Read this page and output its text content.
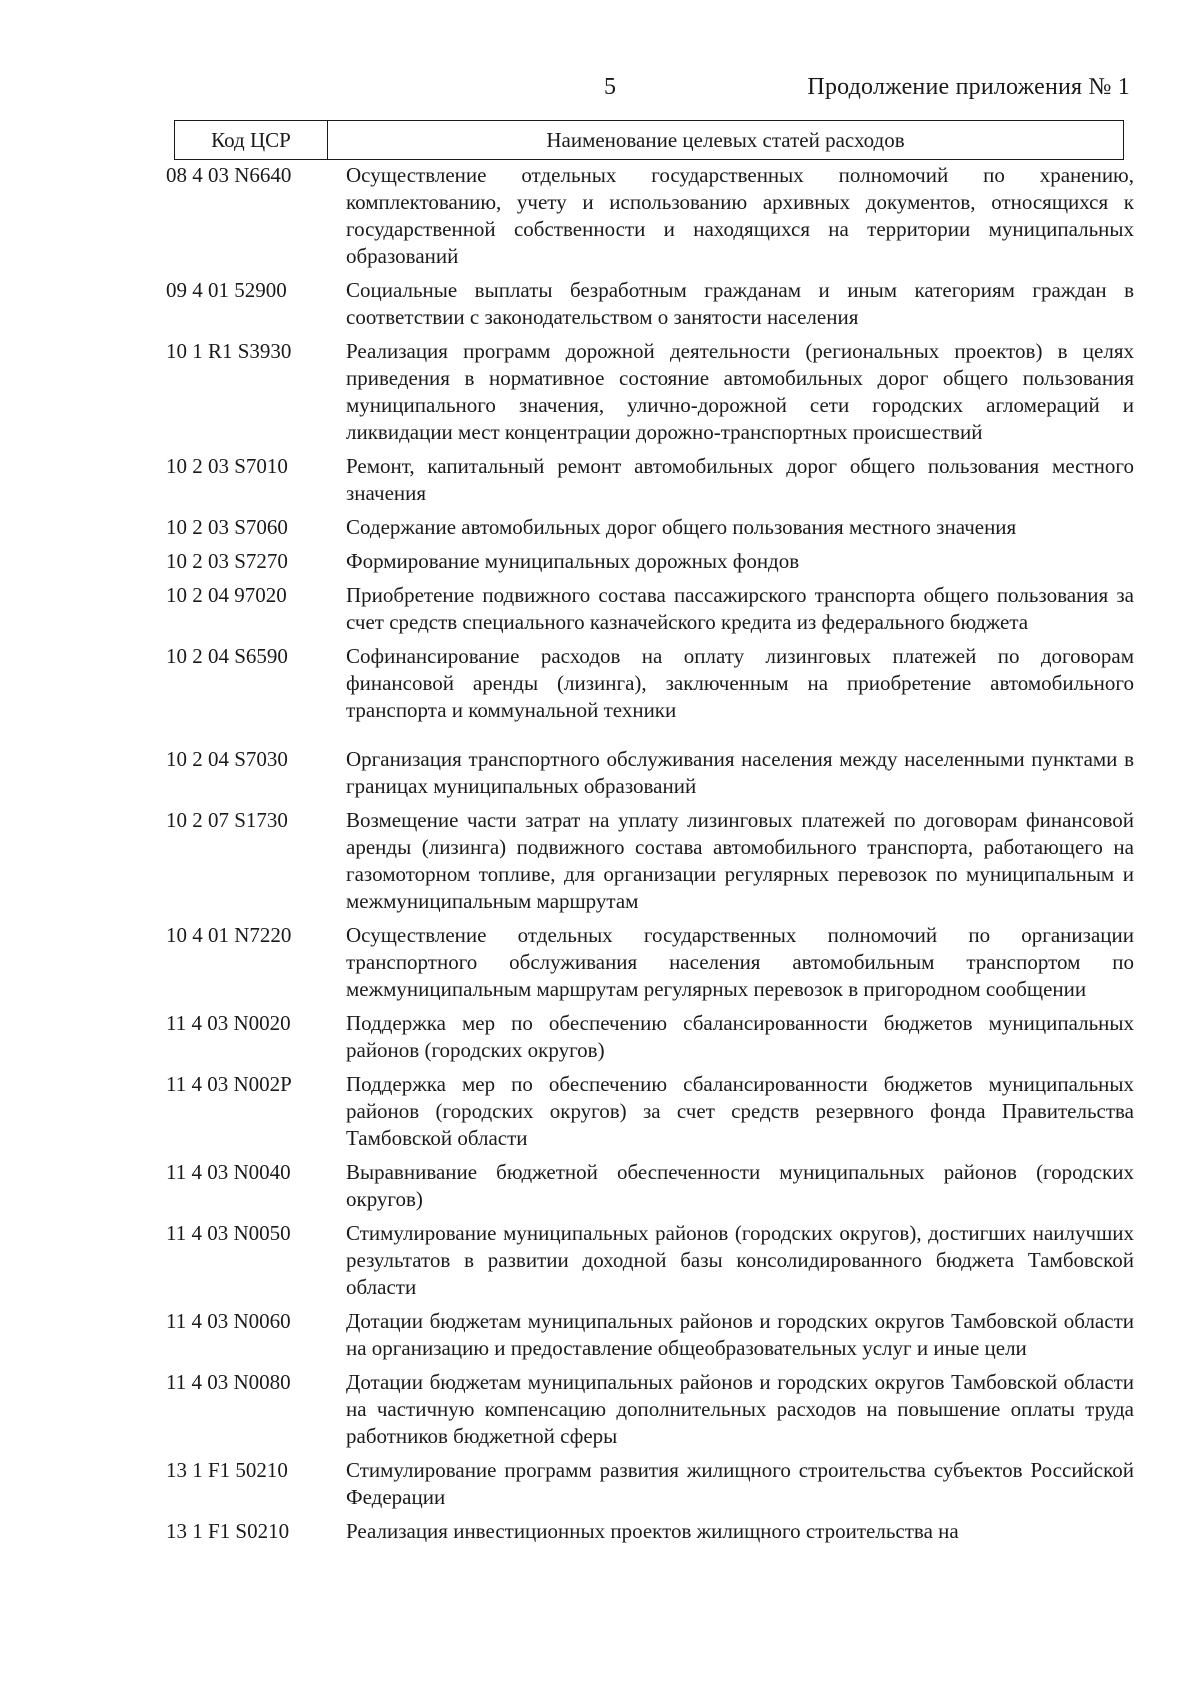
5	Продолжение приложения № 1
Код ЦСР	Наименование целевых статей расходов
08 4 03 N6640	Осуществление отдельных государственных полномочий по хранению, комплектованию, учету и использованию архивных документов, относящихся к государственной собственности и находящихся на территории муниципальных образований
09 4 01 52900	Социальные выплаты безработным гражданам и иным категориям граждан в соответствии с законодательством о занятости населения
10 1 R1 S3930	Реализация программ дорожной деятельности (региональных проектов) в целях приведения в нормативное состояние автомобильных дорог общего пользования муниципального значения, улично-дорожной сети городских агломераций и ликвидации мест концентрации дорожно-транспортных происшествий
10 2 03 S7010	Ремонт, капитальный ремонт автомобильных дорог общего пользования местного значения
10 2 03 S7060	Содержание автомобильных дорог общего пользования местного значения
10 2 03 S7270	Формирование муниципальных дорожных фондов
10 2 04 97020	Приобретение подвижного состава пассажирского транспорта общего пользования за счет средств специального казначейского кредита из федерального бюджета
10 2 04 S6590	Софинансирование расходов на оплату лизинговых платежей по договорам финансовой аренды (лизинга), заключенным на приобретение автомобильного транспорта и коммунальной техники
10 2 04 S7030	Организация транспортного обслуживания населения между населенными пунктами в границах муниципальных образований
10 2 07 S1730	Возмещение части затрат на уплату лизинговых платежей по договорам финансовой аренды (лизинга) подвижного состава автомобильного транспорта, работающего на газомоторном топливе, для организации регулярных перевозок по муниципальным и межмуниципальным маршрутам
10 4 01 N7220	Осуществление отдельных государственных полномочий по организации транспортного обслуживания населения автомобильным транспортом по межмуниципальным маршрутам регулярных перевозок в пригородном сообщении
11 4 03 N0020	Поддержка мер по обеспечению сбалансированности бюджетов муниципальных районов (городских округов)
11 4 03 N002P	Поддержка мер по обеспечению сбалансированности бюджетов муниципальных районов (городских округов) за счет средств резервного фонда Правительства Тамбовской области
11 4 03 N0040	Выравнивание бюджетной обеспеченности муниципальных районов (городских округов)
11 4 03 N0050	Стимулирование муниципальных районов (городских округов), достигших наилучших результатов в развитии доходной базы консолидированного бюджета Тамбовской области
11 4 03 N0060	Дотации бюджетам муниципальных районов и городских округов Тамбовской области на организацию и предоставление общеобразовательных услуг и иные цели
11 4 03 N0080	Дотации бюджетам муниципальных районов и городских округов Тамбовской области на частичную компенсацию дополнительных расходов на повышение оплаты труда работников бюджетной сферы
13 1 F1 50210	Стимулирование программ развития жилищного строительства субъектов Российской Федерации
13 1 F1 S0210	Реализация инвестиционных проектов жилищного строительства на
